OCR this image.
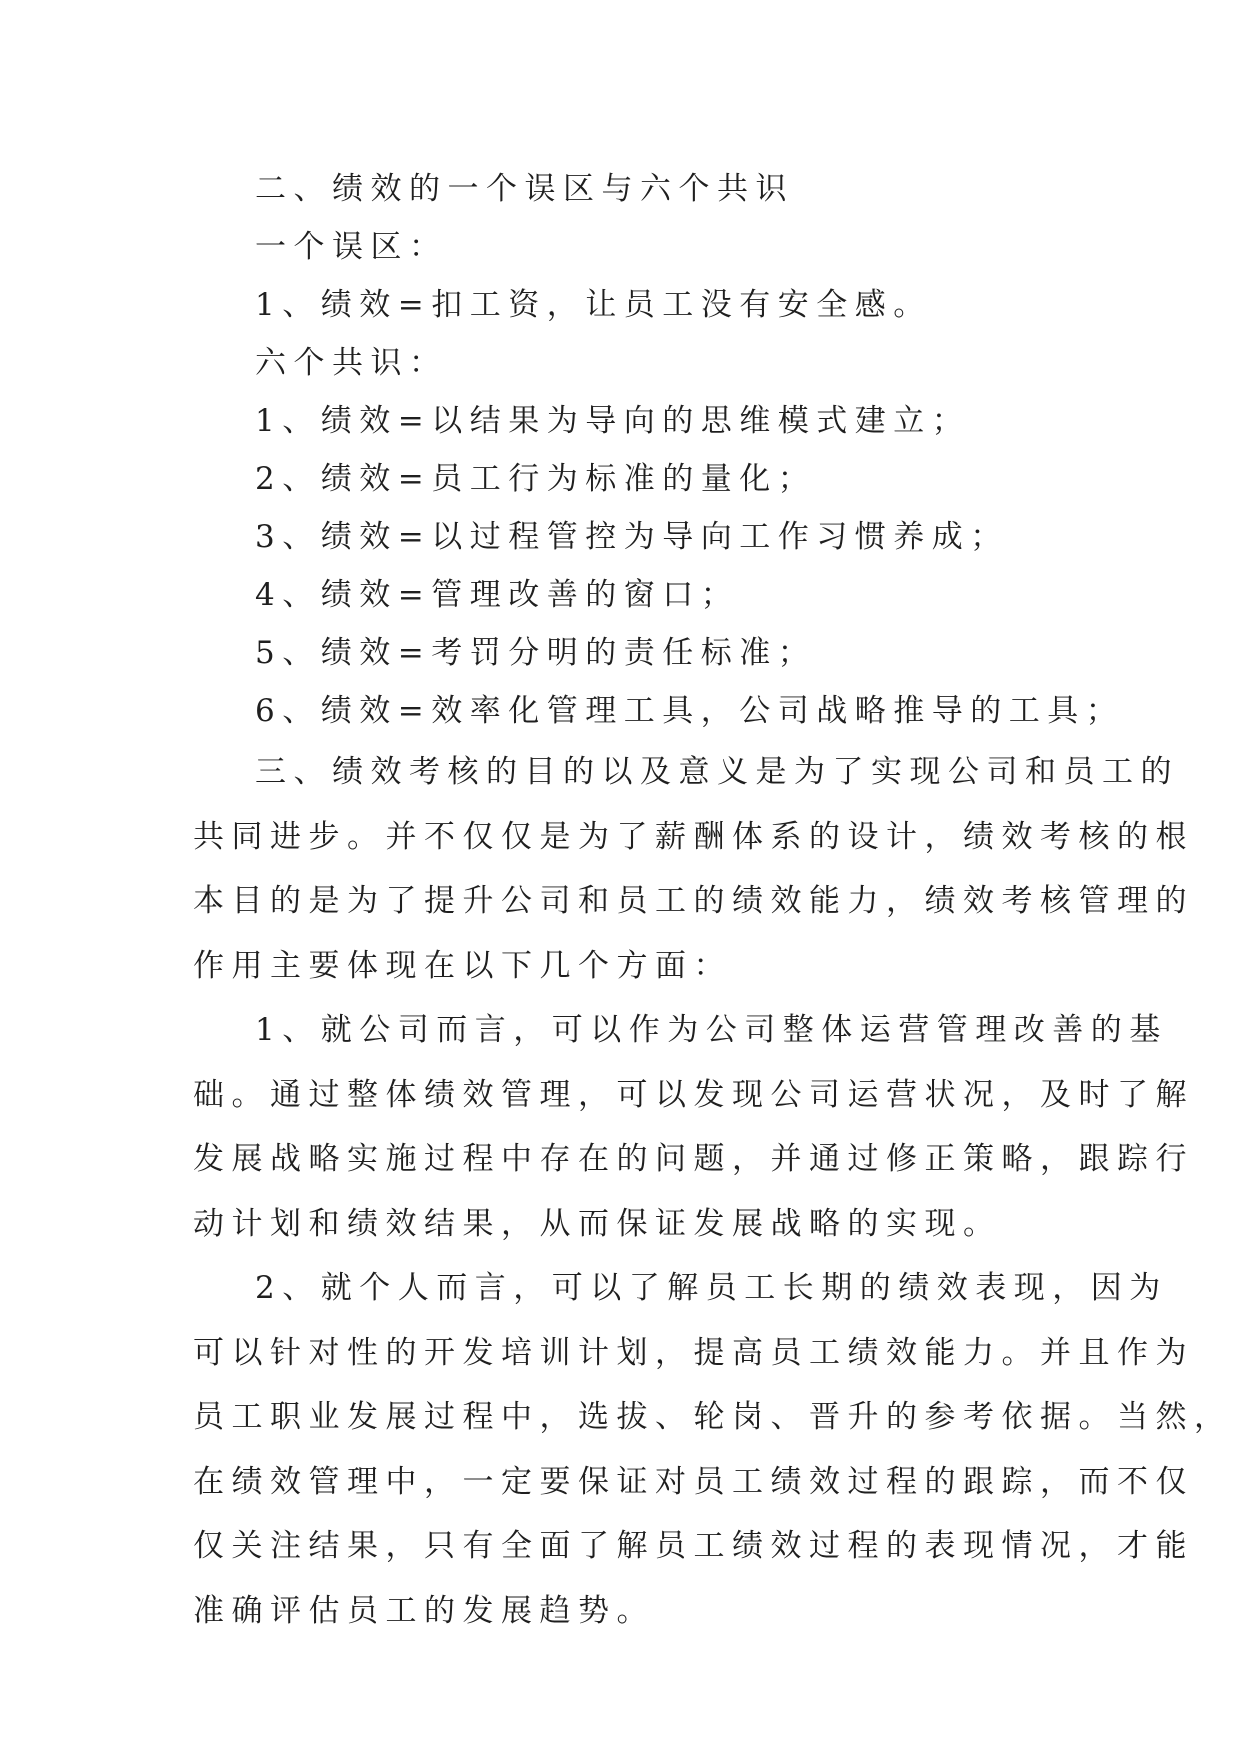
二、绩效的一个误区与六个共识

一个误区：

1、绩效=扣工资，让员工没有安全感。

六个共识：

1、绩效=以结果为导向的思维模式建立；

2、绩效=员工行为标准的量化；

3、绩效=以过程管控为导向工作习惯养成；

4、绩效=管理改善的窗口；

5、绩效=考罚分明的责任标准；

6、绩效=效率化管理工具，公司战略推导的工具；

三、绩效考核的目的以及意义是为了实现公司和员工的

共同进步。并不仅仅是为了薪酬体系的设计，绩效考核的根

本目的是为了提升公司和员工的绩效能力，绩效考核管理的

作用主要体现在以下几个方面：

1、就公司而言，可以作为公司整体运营管理改善的基

础。通过整体绩效管理，可以发现公司运营状况，及时了解

发展战略实施过程中存在的问题，并通过修正策略，跟踪行

动计划和绩效结果，从而保证发展战略的实现。

2、就个人而言，可以了解员工长期的绩效表现，因为

可以针对性的开发培训计划，提高员工绩效能力。并且作为

员工职业发展过程中，选拔、轮岗、晋升的参考依据。当然，

在绩效管理中，一定要保证对员工绩效过程的跟踪，而不仅

仅关注结果，只有全面了解员工绩效过程的表现情况，才能

准确评估员工的发展趋势。
